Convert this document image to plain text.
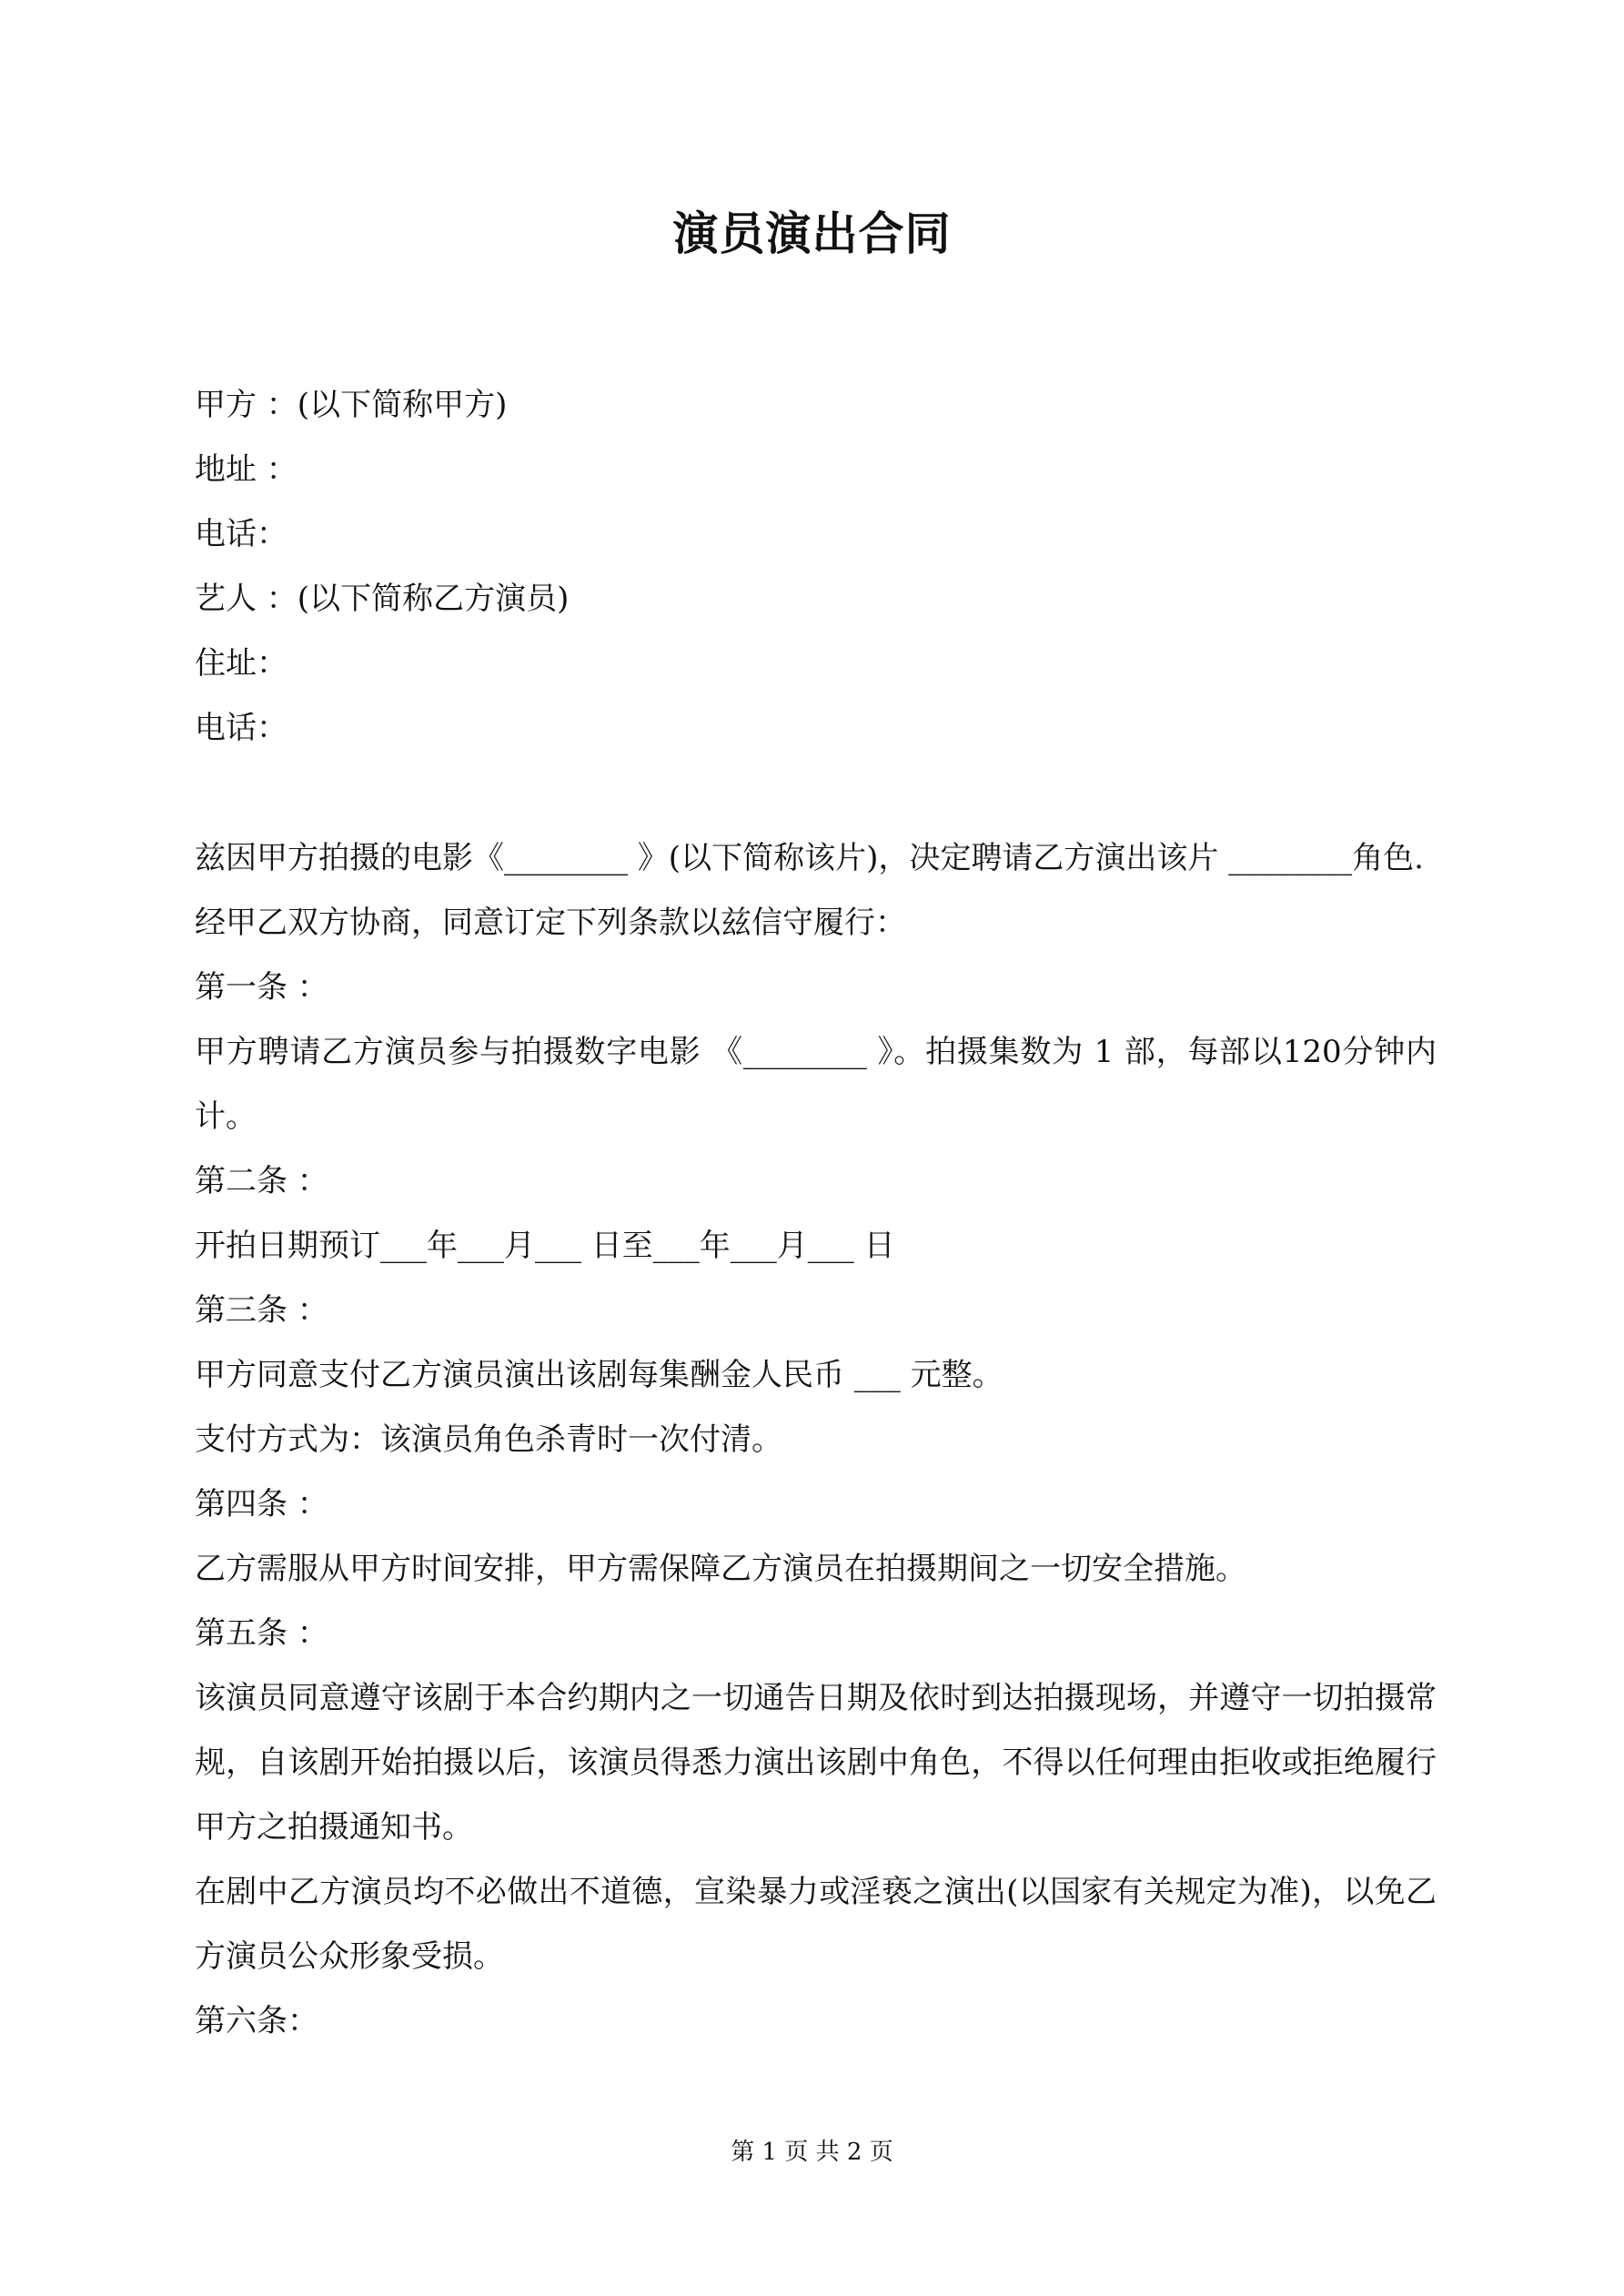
演员演出合同
甲方 ：(以下简称甲方)
地址 ：
电话：
艺人 ：(以下简称乙方演员)
住址：
电话：
兹因甲方拍摄的电影《________ 》(以下简称该片)，决定聘请乙方演出该片 ________角色.
经甲乙双方协商，同意订定下列条款以兹信守履行：
第一条 ：
甲方聘请乙方演员参与拍摄数字电影 《________ 》。拍摄集数为 1 部，每部以120分钟内计。
第二条 ：
开拍日期预订___年___月___ 日至___年___月___ 日
第三条 ：
甲方同意支付乙方演员演出该剧每集酬金人民币 ___ 元整。
支付方式为：该演员角色杀青时一次付清。
第四条 ：
乙方需服从甲方时间安排，甲方需保障乙方演员在拍摄期间之一切安全措施。
第五条 ：
该演员同意遵守该剧于本合约期内之一切通告日期及依时到达拍摄现场，并遵守一切拍摄常规，自该剧开始拍摄以后，该演员得悉力演出该剧中角色，不得以任何理由拒收或拒绝履行甲方之拍摄通知书。
在剧中乙方演员均不必做出不道德，宣染暴力或淫亵之演出(以国家有关规定为准)，以免乙方演员公众形象受损。
第六条：
第 1 页 共 2 页
